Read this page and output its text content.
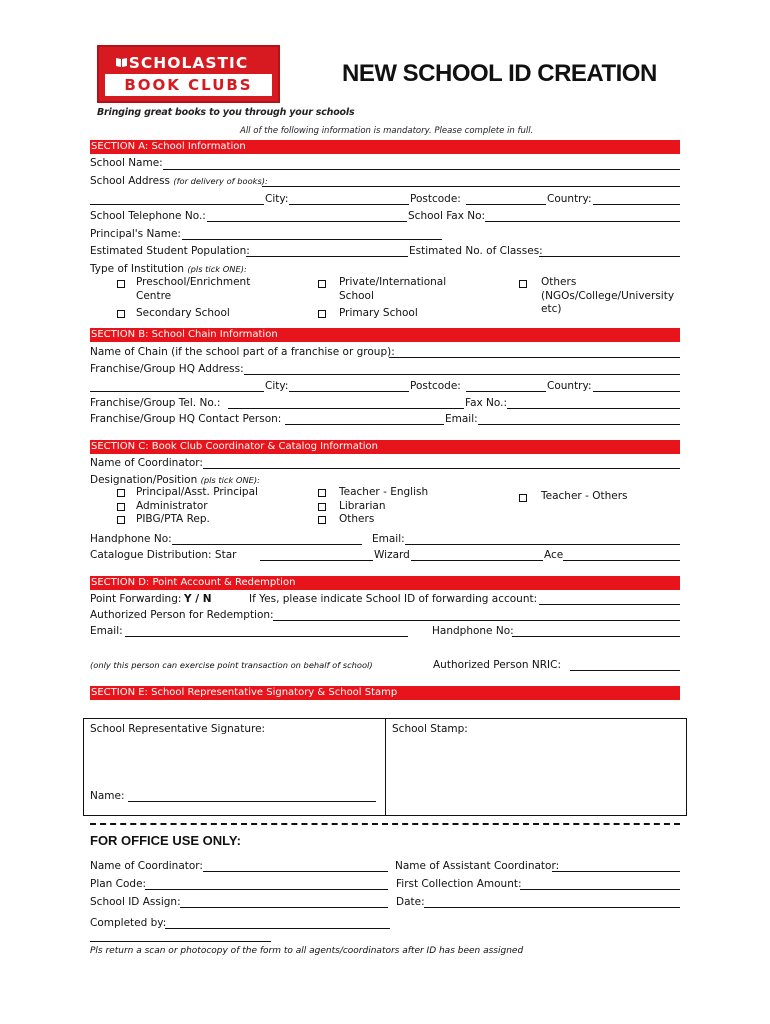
SCHOLASTIC
BOOK CLUBS
Bringing great books to you through your schools
NEW SCHOOL ID CREATION
All of the following information is mandatory. Please complete in full.
SECTION A: School Information
School Name:
School Address (for delivery of books):
City:	Postcode:	Country:
School Telephone No.:	School Fax No:
Principal's Name:
Estimated Student Population:	Estimated No. of Classes:
Type of Institution (pls tick ONE):
Preschool/Enrichment
Centre
Secondary School
Private/International
School
Primary School
Others
(NGOs/College/University
etc)
SECTION B: School Chain Information
Name of Chain (if the school part of a franchise or group):
Franchise/Group HQ Address:
City:	Postcode:	Country:
Franchise/Group Tel. No.:	Fax No.:
Franchise/Group HQ Contact Person:	Email:
SECTION C: Book Club Coordinator & Catalog Information
Name of Coordinator:
Designation/Position (pls tick ONE):
Principal/Asst. Principal
Administrator
PIBG/PTA Rep.
Teacher - English
Librarian
Others
Teacher - Others
Handphone No:	Email:
Catalogue Distribution: Star	Wizard	Ace
SECTION D: Point Account & Redemption
Point Forwarding: Y / N	If Yes, please indicate School ID of forwarding account:
Authorized Person for Redemption:
Email:	Handphone No:
(only this person can exercise point transaction on behalf of school)	Authorized Person NRIC:
SECTION E: School Representative Signatory & School Stamp
School Representative Signature:	School Stamp:
Name:
FOR OFFICE USE ONLY:
Name of Coordinator:	Name of Assistant Coordinator:
Plan Code:	First Collection Amount:
School ID Assign:	Date:
Completed by:
Pls return a scan or photocopy of the form to all agents/coordinators after ID has been assigned
